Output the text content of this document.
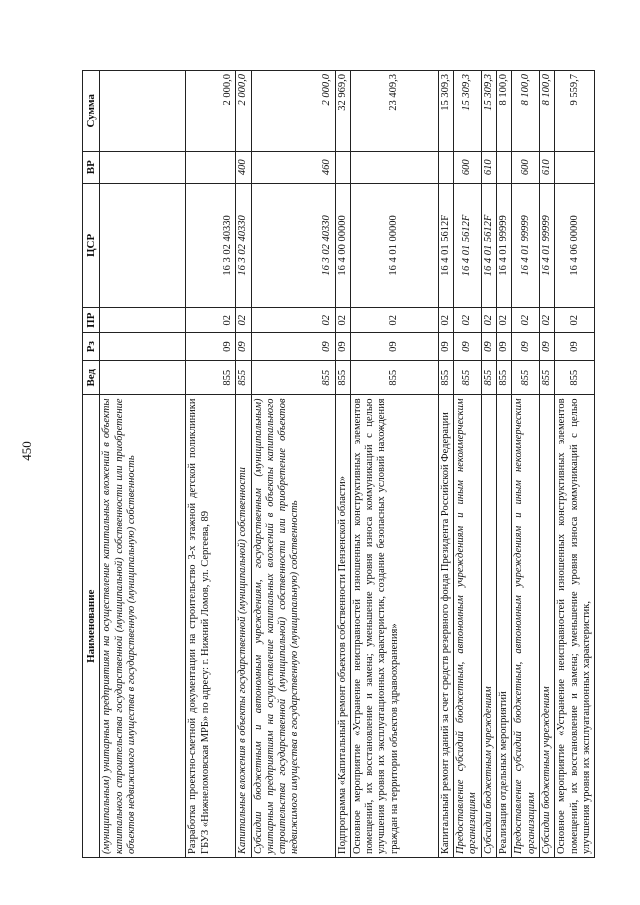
450
Наименование	Вед	Рз	ПР	ЦСР	ВР	Сумма
(муниципальным) унитарным предприятиям на осуществление капитальных вложений в объекты капитального строительства государственной (муниципальной) собственности или приобретение объектов недвижимого имущества в государственную (муниципальную) собственность						
Разработка проектно-сметной документации на строительство 3-х этажной детской поликлиники ГБУЗ «Нижнеломовская МРБ» по адресу: г. Нижний Ломов, ул. Сергеева, 89	855	09	02	16 3 02 40330		2 000,0
Капитальные вложения в объекты государственной (муниципальной) собственности	855	09	02	16 3 02 40330	400	2 000,0
Субсидии бюджетным и автономным учреждениям, государственным (муниципальным) унитарным предприятиям на осуществление капитальных вложений в объекты капитального строительства государственной (муниципальной) собственности или приобретение объектов недвижимого имущества в государственную (муниципальную) собственность	855	09	02	16 3 02 40330	460	2 000,0
Подпрограмма «Капитальный ремонт объектов собственности Пензенской области»	855	09	02	16 4 00 00000		32 969,0
Основное мероприятие «Устранение неисправностей изношенных конструктивных элементов помещений, их восстановление и замена; уменьшение уровня износа коммуникаций с целью улучшения уровня их эксплуатационных характеристик, создание безопасных условий нахождения граждан на территории объектов здравоохранения»	855	09	02	16 4 01 00000		23 409,3
Капитальный ремонт зданий за счет средств резервного фонда Президента Российской Федерации	855	09	02	16 4 01 5612F		15 309,3
Предоставление субсидий бюджетным, автономным учреждениям и иным некоммерческим организациям	855	09	02	16 4 01 5612F	600	15 309,3
Субсидии бюджетным учреждениям	855	09	02	16 4 01 5612F	610	15 309,3
Реализация отдельных мероприятий	855	09	02	16 4 01 99999		8 100,0
Предоставление субсидий бюджетным, автономным учреждениям и иным некоммерческим организациям	855	09	02	16 4 01 99999	600	8 100,0
Субсидии бюджетным учреждениям	855	09	02	16 4 01 99999	610	8 100,0
Основное мероприятие «Устранение неисправностей изношенных конструктивных элементов помещений, их восстановление и замена; уменьшение уровня износа коммуникаций с целью улучшения уровня их эксплуатационных характеристик,	855	09	02	16 4 06 00000		9 559,7
